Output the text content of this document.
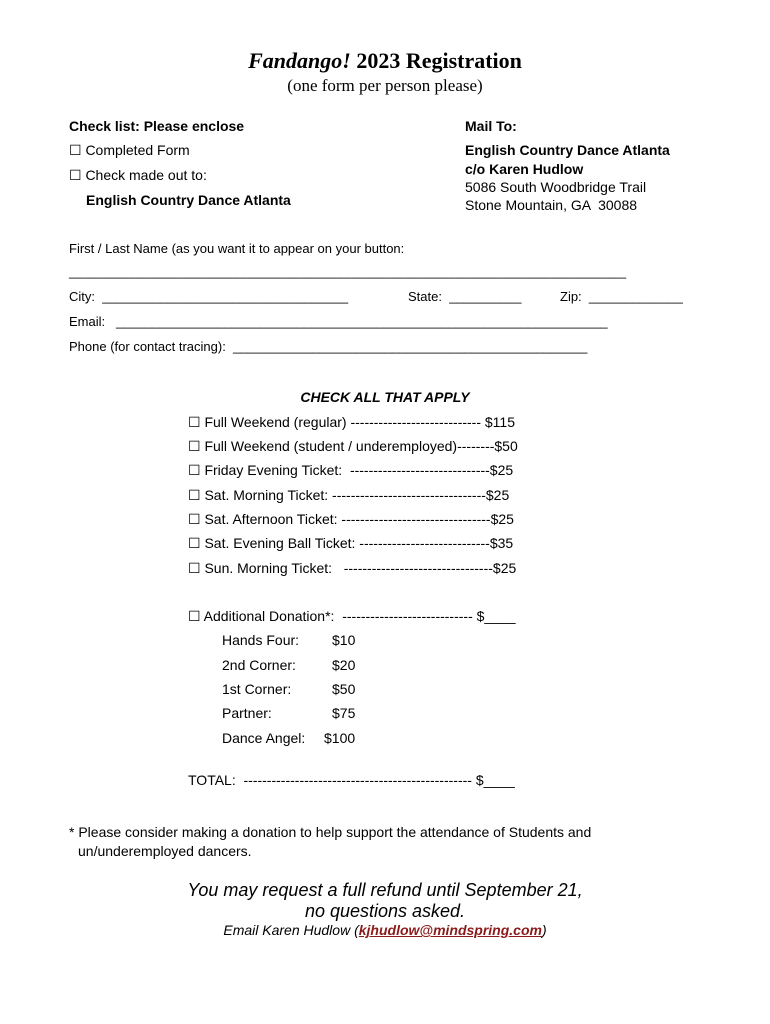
Fandango! 2023 Registration
(one form per person please)
Check list: Please enclose
☐ Completed Form
☐ Check made out to:
English Country Dance Atlanta
Mail To:
English Country Dance Atlanta
c/o Karen Hudlow
5086 South Woodbridge Trail
Stone Mountain, GA  30088
First / Last Name (as you want it to appear on your button:
___________________________________________________________________________
City:  __________________________________	State:  __________	Zip:  _____________
Email:   ____________________________________________________________________
Phone (for contact tracing):  _________________________________________________
CHECK ALL THAT APPLY
☐ Full Weekend (regular) ---------------------------- $115
☐ Full Weekend (student / underemployed)--------$50
☐ Friday Evening Ticket:  ------------------------------$25
☐ Sat. Morning Ticket: ---------------------------------$25
☐ Sat. Afternoon Ticket: --------------------------------$25
☐ Sat. Evening Ball Ticket: ----------------------------$35
☐ Sun. Morning Ticket:   --------------------------------$25
☐ Additional Donation*:  ---------------------------- $____
Hands Four: $10
2nd Corner:	$20
1st Corner:	$50
Partner:	$75
Dance Angel: $100
TOTAL:  ------------------------------------------------- $____
* Please consider making a donation to help support the attendance of Students and
un/underemployed dancers.
You may request a full refund until September 21,
no questions asked.
Email Karen Hudlow (kjhudlow@mindspring.com)
